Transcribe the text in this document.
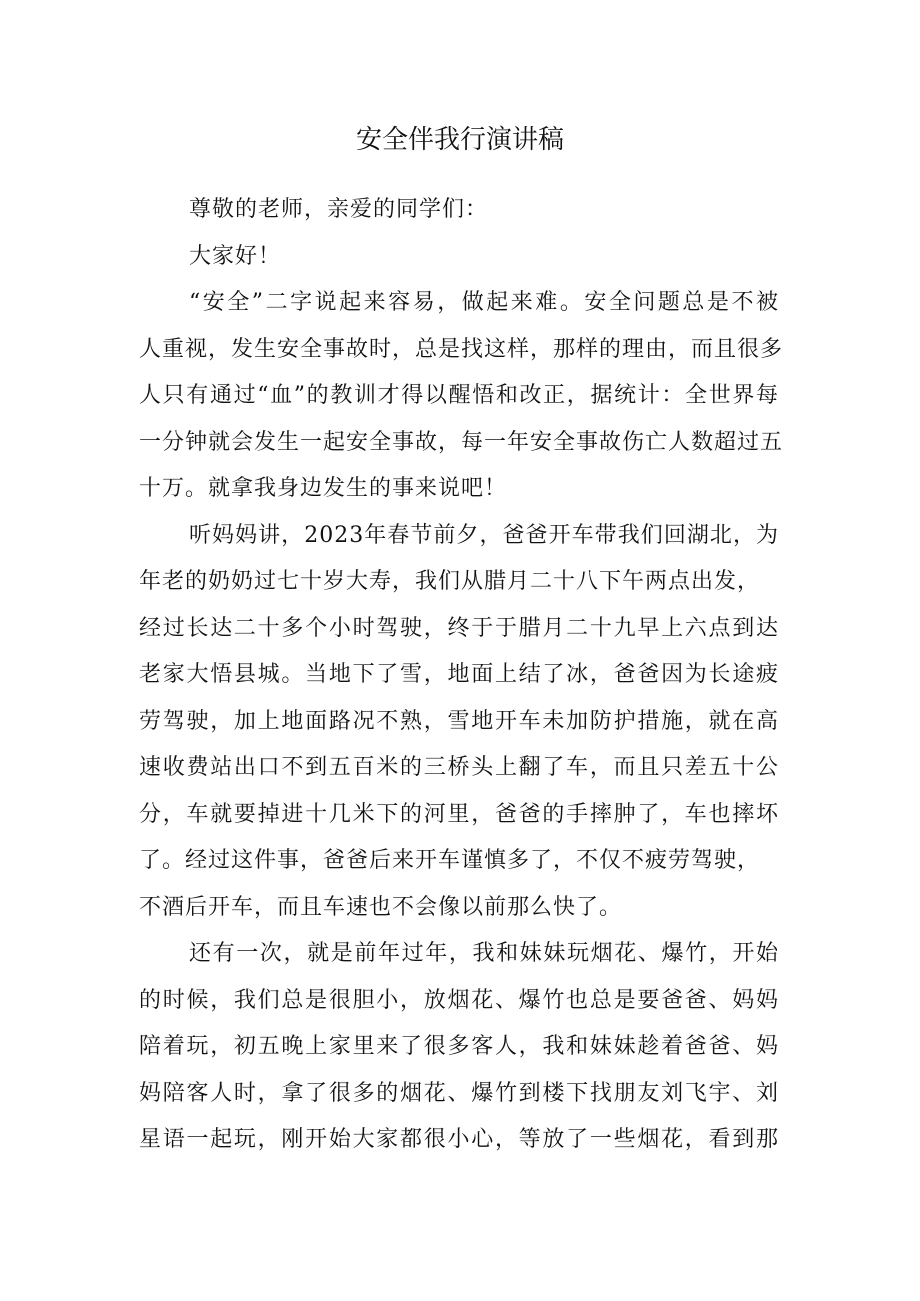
安全伴我行演讲稿
尊敬的老师，亲爱的同学们：
大家好！
“安全”二字说起来容易，做起来难。安全问题总是不被
人重视，发生安全事故时，总是找这样，那样的理由，而且很多
人只有通过“血”的教训才得以醒悟和改正，据统计：全世界每
一分钟就会发生一起安全事故，每一年安全事故伤亡人数超过五
十万。就拿我身边发生的事来说吧！
听妈妈讲，2023年春节前夕，爸爸开车带我们回湖北，为
年老的奶奶过七十岁大寿，我们从腊月二十八下午两点出发，
经过长达二十多个小时驾驶，终于于腊月二十九早上六点到达
老家大悟县城。当地下了雪，地面上结了冰，爸爸因为长途疲
劳驾驶，加上地面路况不熟，雪地开车未加防护措施，就在高
速收费站出口不到五百米的三桥头上翻了车，而且只差五十公
分，车就要掉进十几米下的河里，爸爸的手摔肿了，车也摔坏
了。经过这件事，爸爸后来开车谨慎多了，不仅不疲劳驾驶，
不酒后开车，而且车速也不会像以前那么快了。
还有一次，就是前年过年，我和妹妹玩烟花、爆竹，开始
的时候，我们总是很胆小，放烟花、爆竹也总是要爸爸、妈妈
陪着玩，初五晚上家里来了很多客人，我和妹妹趁着爸爸、妈
妈陪客人时，拿了很多的烟花、爆竹到楼下找朋友刘飞宇、刘
星语一起玩，刚开始大家都很小心，等放了一些烟花，看到那
